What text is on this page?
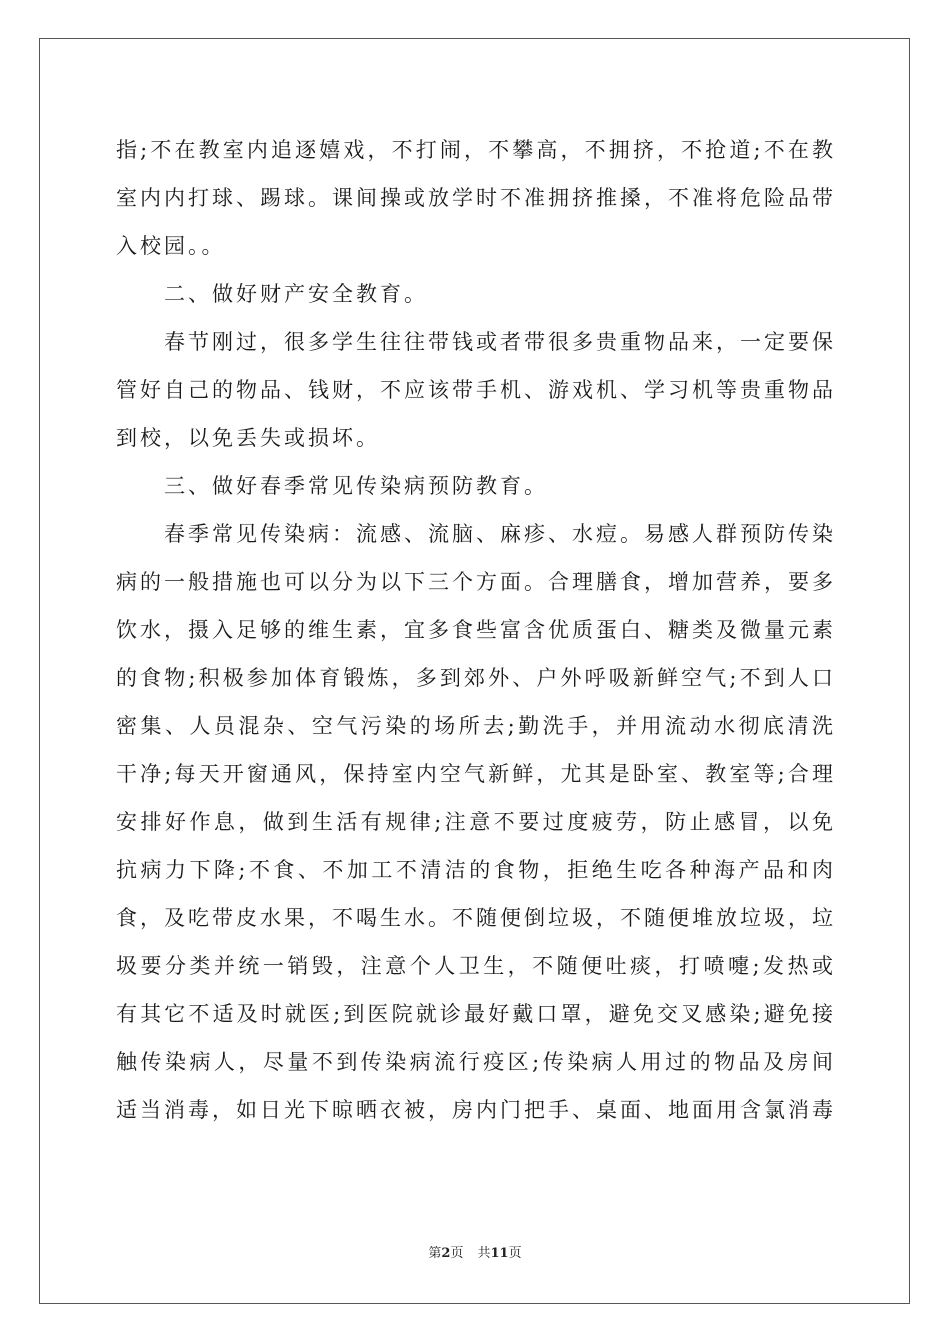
指;不在教室内追逐嬉戏，不打闹，不攀高，不拥挤，不抢道;不在教室内内打球、踢球。课间操或放学时不准拥挤推搡，不准将危险品带入校园。。

二、做好财产安全教育。

春节刚过，很多学生往往带钱或者带很多贵重物品来，一定要保管好自己的物品、钱财，不应该带手机、游戏机、学习机等贵重物品到校，以免丢失或损坏。

三、做好春季常见传染病预防教育。

春季常见传染病：流感、流脑、麻疹、水痘。易感人群预防传染病的一般措施也可以分为以下三个方面。合理膳食，增加营养，要多饮水，摄入足够的维生素，宜多食些富含优质蛋白、糖类及微量元素的食物;积极参加体育锻炼，多到郊外、户外呼吸新鲜空气;不到人口密集、人员混杂、空气污染的场所去;勤洗手，并用流动水彻底清洗干净;每天开窗通风，保持室内空气新鲜，尤其是卧室、教室等;合理安排好作息，做到生活有规律;注意不要过度疲劳，防止感冒，以免抗病力下降;不食、不加工不清洁的食物，拒绝生吃各种海产品和肉食，及吃带皮水果，不喝生水。不随便倒垃圾，不随便堆放垃圾，垃圾要分类并统一销毁，注意个人卫生，不随便吐痰，打喷嚏;发热或有其它不适及时就医;到医院就诊最好戴口罩，避免交叉感染;避免接触传染病人，尽量不到传染病流行疫区;传染病人用过的物品及房间适当消毒，如日光下晾晒衣被，房内门把手、桌面、地面用含氯消毒

第2页 共11页
